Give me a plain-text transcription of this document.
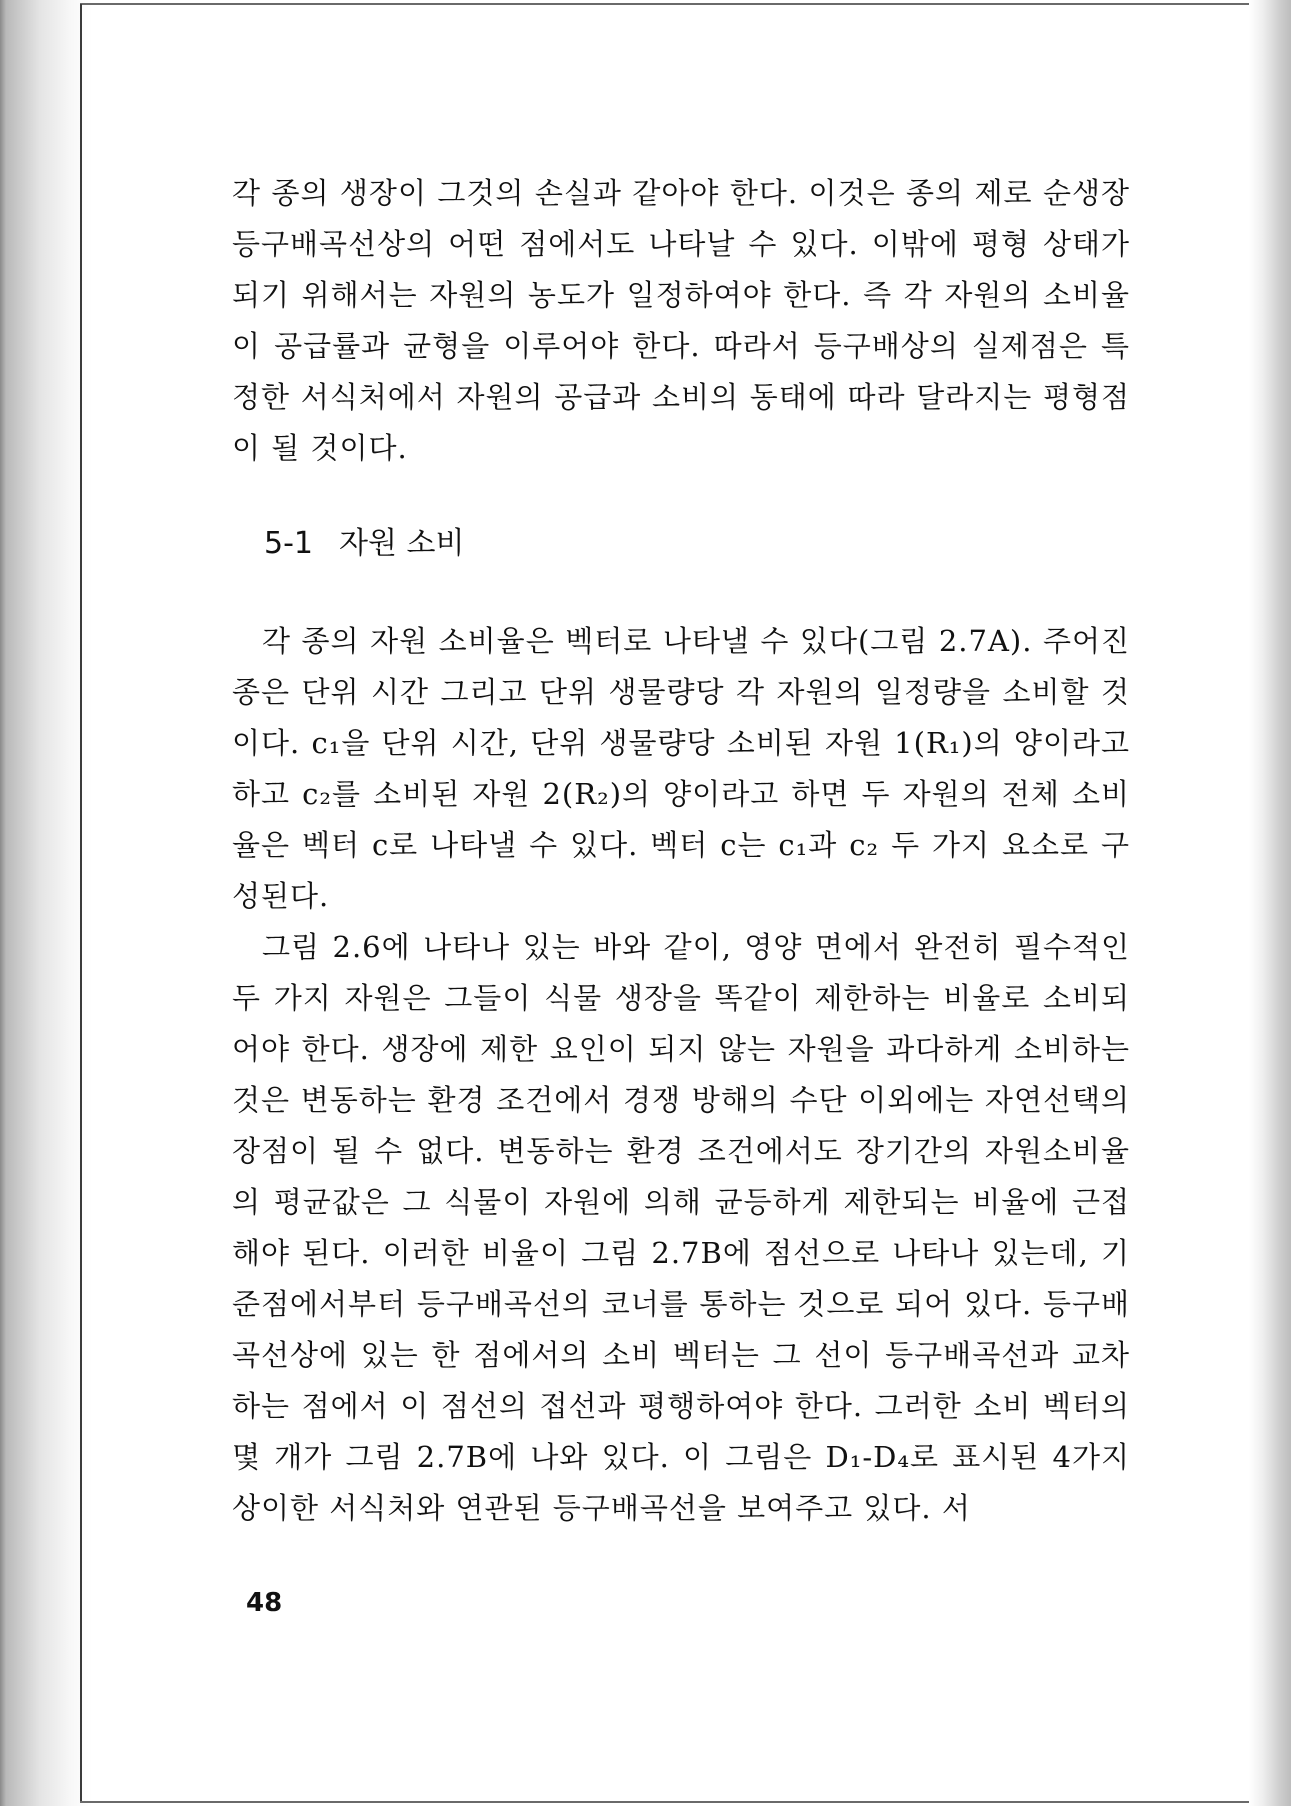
각 종의 생장이 그것의 손실과 같아야 한다. 이것은 종의 제로 순생장 등구배곡선상의 어떤 점에서도 나타날 수 있다. 이밖에 평형 상태가 되기 위해서는 자원의 농도가 일정하여야 한다. 즉 각 자원의 소비율이 공급률과 균형을 이루어야 한다. 따라서 등구배상의 실제점은 특정한 서식처에서 자원의 공급과 소비의 동태에 따라 달라지는 평형점이 될 것이다.

5-1 자원 소비

각 종의 자원 소비율은 벡터로 나타낼 수 있다(그림 2.7A). 주어진 종은 단위 시간 그리고 단위 생물량당 각 자원의 일정량을 소비할 것이다. c₁을 단위 시간, 단위 생물량당 소비된 자원 1(R₁)의 양이라고 하고 c₂를 소비된 자원 2(R₂)의 양이라고 하면 두 자원의 전체 소비율은 벡터 c로 나타낼 수 있다. 벡터 c는 c₁과 c₂ 두 가지 요소로 구성된다.

그림 2.6에 나타나 있는 바와 같이, 영양 면에서 완전히 필수적인 두 가지 자원은 그들이 식물 생장을 똑같이 제한하는 비율로 소비되어야 한다. 생장에 제한 요인이 되지 않는 자원을 과다하게 소비하는 것은 변동하는 환경 조건에서 경쟁 방해의 수단 이외에는 자연선택의 장점이 될 수 없다. 변동하는 환경 조건에서도 장기간의 자원소비율의 평균값은 그 식물이 자원에 의해 균등하게 제한되는 비율에 근접해야 된다. 이러한 비율이 그림 2.7B에 점선으로 나타나 있는데, 기준점에서부터 등구배곡선의 코너를 통하는 것으로 되어 있다. 등구배곡선상에 있는 한 점에서의 소비 벡터는 그 선이 등구배곡선과 교차하는 점에서 이 점선의 접선과 평행하여야 한다. 그러한 소비 벡터의 몇 개가 그림 2.7B에 나와 있다. 이 그림은 D₁-D₄로 표시된 4가지 상이한 서식처와 연관된 등구배곡선을 보여주고 있다. 서

48
